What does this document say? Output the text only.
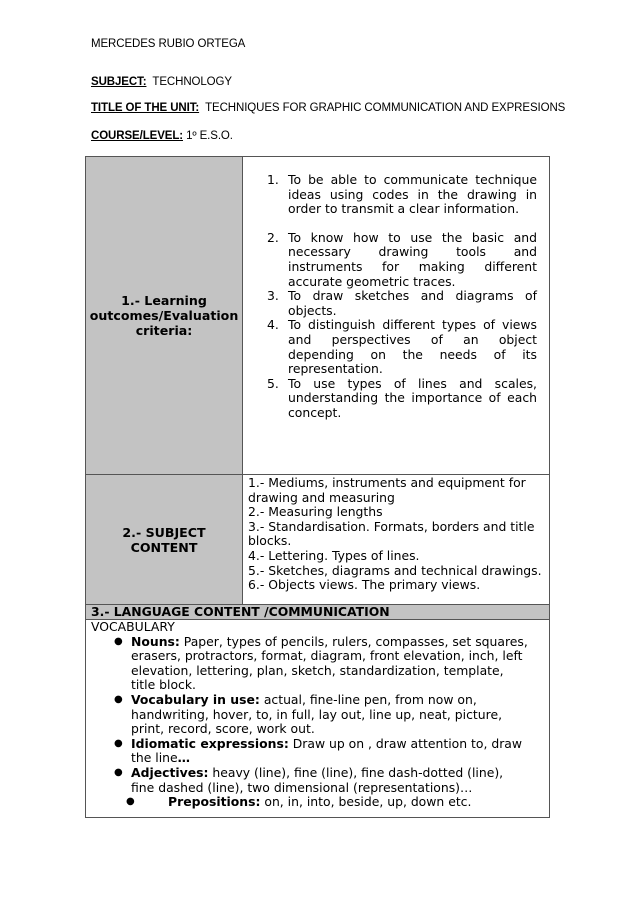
MERCEDES RUBIO ORTEGA
SUBJECT: TECHNOLOGY
TITLE OF THE UNIT: TECHNIQUES FOR GRAPHIC COMMUNICATION AND EXPRESIONS
COURSE/LEVEL: 1º E.S.O.
1.- Learning
outcomes/Evaluation
criteria:
1. To be able to communicate technique ideas using codes in the drawing in order to transmit a clear information.
2. To know how to use the basic and necessary drawing tools and instruments for making different accurate geometric traces.
3. To draw sketches and diagrams of objects.
4. To distinguish different types of views and perspectives of an object depending on the needs of its representation.
5. To use types of lines and scales, understanding the importance of each concept.
2.- SUBJECT
CONTENT
1.- Mediums, instruments and equipment for drawing and measuring
2.- Measuring lengths
3.- Standardisation. Formats, borders and title blocks.
4.- Lettering. Types of lines.
5.- Sketches, diagrams and technical drawings.
6.- Objects views. The primary views.
3.- LANGUAGE CONTENT /COMMUNICATION
VOCABULARY
● Nouns: Paper, types of pencils, rulers, compasses, set squares, erasers, protractors, format, diagram, front elevation, inch, left elevation, lettering, plan, sketch, standardization, template, title block.
● Vocabulary in use: actual, fine-line pen, from now on, handwriting, hover, to, in full, lay out, line up, neat, picture, print, record, score, work out.
● Idiomatic expressions: Draw up on , draw attention to, draw the line…
● Adjectives: heavy (line), fine (line), fine dash-dotted (line), fine dashed (line), two dimensional (representations)…
●	Prepositions: on, in, into, beside, up, down etc.
